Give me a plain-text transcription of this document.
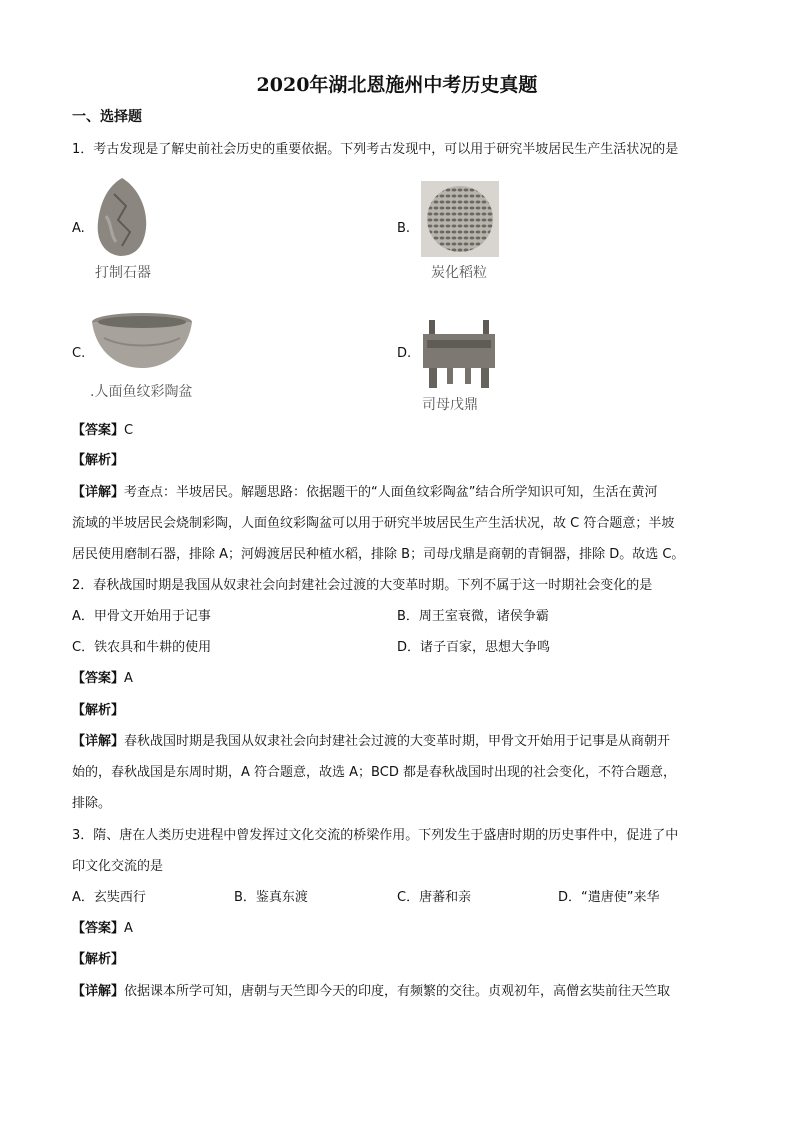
2020年湖北恩施州中考历史真题
一、选择题
1．考古发现是了解史前社会历史的重要依据。下列考古发现中，可以用于研究半坡居民生产生活状况的是
A.
打制石器
B.
炭化稻粒
C.
.人面鱼纹彩陶盆
D.
司母戊鼎
【答案】C
【解析】
【详解】考查点：半坡居民。解题思路：依据题干的“人面鱼纹彩陶盆”结合所学知识可知，生活在黄河
流域的半坡居民会烧制彩陶，人面鱼纹彩陶盆可以用于研究半坡居民生产生活状况，故 C 符合题意；半坡
居民使用磨制石器，排除 A；河姆渡居民种植水稻，排除 B；司母戊鼎是商朝的青铜器，排除 D。故选 C。
2．春秋战国时期是我国从奴隶社会向封建社会过渡的大变革时期。下列不属于这一时期社会变化的是
A．甲骨文开始用于记事	B．周王室衰微，诸侯争霸
C．铁农具和牛耕的使用	D．诸子百家，思想大争鸣
【答案】A
【解析】
【详解】春秋战国时期是我国从奴隶社会向封建社会过渡的大变革时期，甲骨文开始用于记事是从商朝开
始的，春秋战国是东周时期，A 符合题意，故选 A；BCD 都是春秋战国时出现的社会变化，不符合题意，
排除。
3．隋、唐在人类历史进程中曾发挥过文化交流的桥梁作用。下列发生于盛唐时期的历史事件中，促进了中
印文化交流的是
A．玄奘西行	B．鉴真东渡	C．唐蕃和亲	D．“遣唐使”来华
【答案】A
【解析】
【详解】依据课本所学可知，唐朝与天竺即今天的印度，有频繁的交往。贞观初年，高僧玄奘前往天竺取
